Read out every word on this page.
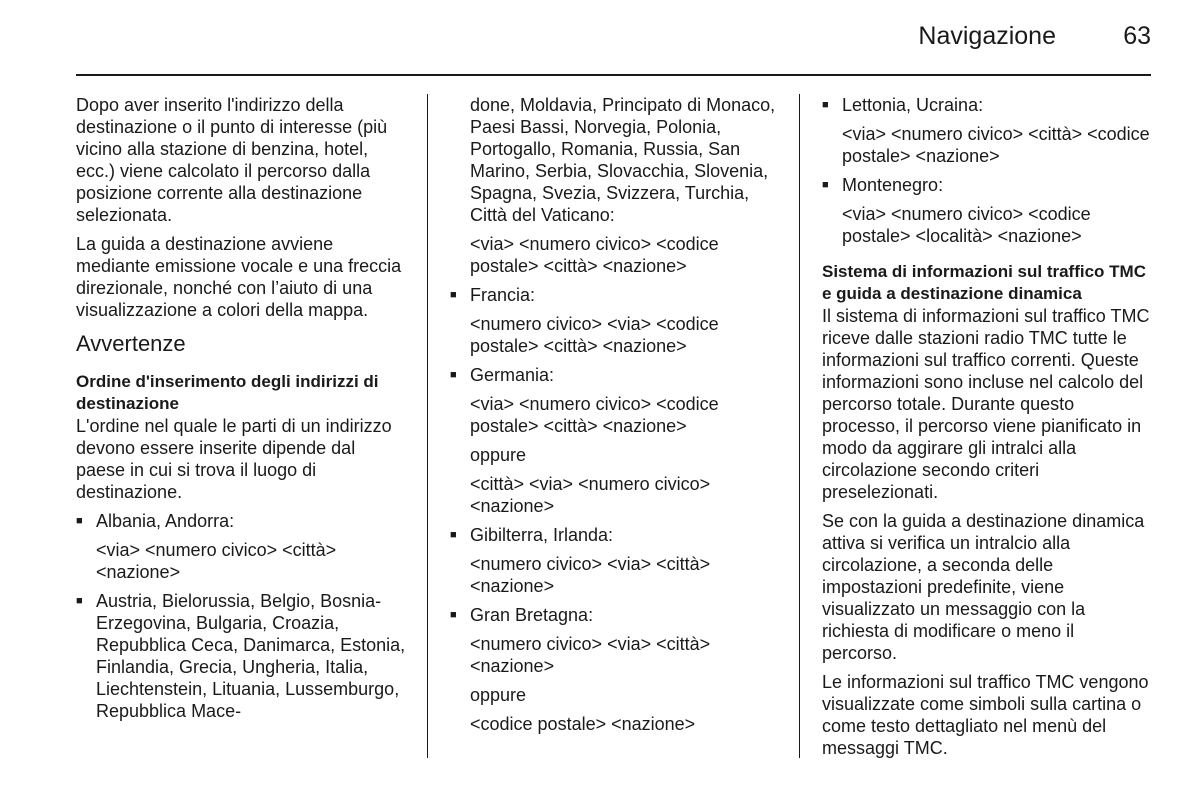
Navigazione	63

Dopo aver inserito l'indirizzo della destinazione o il punto di interesse (più vicino alla stazione di benzina, hotel, ecc.) viene calcolato il percorso dalla posizione corrente alla destinazione selezionata.

La guida a destinazione avviene mediante emissione vocale e una freccia direzionale, nonché con l’aiuto di una visualizzazione a colori della mappa.

Avvertenze
Ordine d'inserimento degli indirizzi di destinazione

L'ordine nel quale le parti di un indirizzo devono essere inserite dipende dal paese in cui si trova il luogo di destinazione.

■ Albania, Andorra:
<via> <numero civico> <città> <nazione>
■ Austria, Bielorussia, Belgio, Bosnia-Erzegovina, Bulgaria, Croazia, Repubblica Ceca, Danimarca, Estonia, Finlandia, Grecia, Ungheria, Italia, Liechtenstein, Lituania, Lussemburgo, Repubblica Mace-
done, Moldavia, Principato di Monaco, Paesi Bassi, Norvegia, Polonia, Portogallo, Romania, Russia, San Marino, Serbia, Slovacchia, Slovenia, Spagna, Svezia, Svizzera, Turchia, Città del Vaticano:
<via> <numero civico> <codice postale> <città> <nazione>
■ Francia:
<numero civico> <via> <codice postale> <città> <nazione>
■ Germania:
<via> <numero civico> <codice postale> <città> <nazione>
oppure
<città> <via> <numero civico> <nazione>
■ Gibilterra, Irlanda:
<numero civico> <via> <città> <nazione>
■ Gran Bretagna:
<numero civico> <via> <città> <nazione>
oppure
<codice postale> <nazione>
■ Lettonia, Ucraina:
<via> <numero civico> <città> <codice postale> <nazione>
■ Montenegro:
<via> <numero civico> <codice postale> <località> <nazione>
Sistema di informazioni sul traffico TMC e guida a destinazione dinamica

Il sistema di informazioni sul traffico TMC riceve dalle stazioni radio TMC tutte le informazioni sul traffico correnti. Queste informazioni sono incluse nel calcolo del percorso totale. Durante questo processo, il percorso viene pianificato in modo da aggirare gli intralci alla circolazione secondo criteri preselezionati.

Se con la guida a destinazione dinamica attiva si verifica un intralcio alla circolazione, a seconda delle impostazioni predefinite, viene visualizzato un messaggio con la richiesta di modificare o meno il percorso.

Le informazioni sul traffico TMC vengono visualizzate come simboli sulla cartina o come testo dettagliato nel menù del messaggi TMC.
